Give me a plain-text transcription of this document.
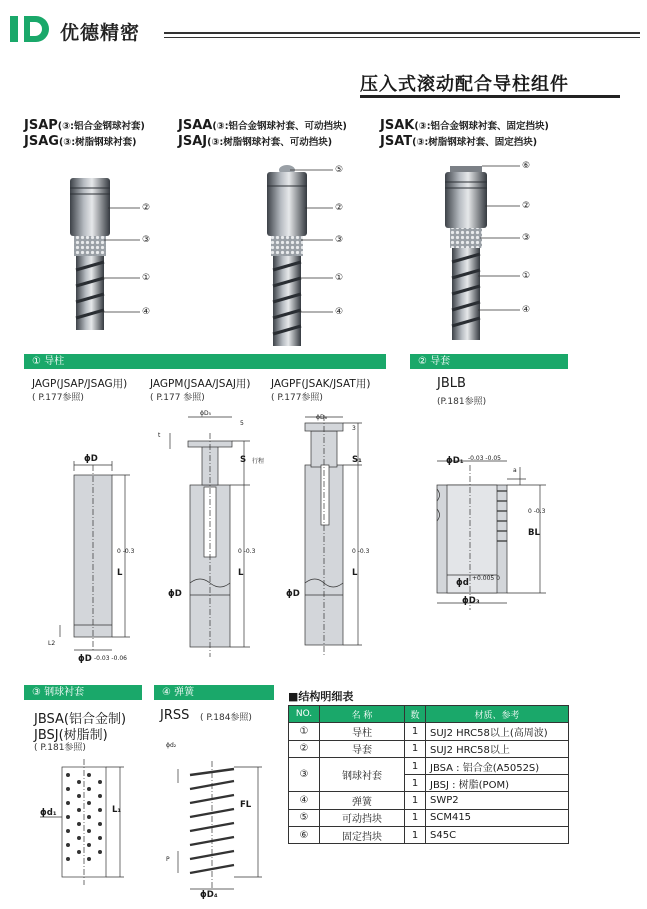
优德精密
压入式滚动配合导柱组件
JSAP(③:铝合金钢球衬套)
JSAG(③:树脂钢球衬套)
JSAA(③:铝合金钢球衬套、可动挡块)
JSAJ(③:树脂钢球衬套、可动挡块)
JSAK(③:铝合金钢球衬套、固定挡块)
JSAT(③:树脂钢球衬套、固定挡块)
②
③
①
④
⑤
②
③
①
④
⑥
②
③
①
④
① 导柱
JAGP(JSAP/JSAG用)
( P.177参照)
JAGPM(JSAA/JSAJ用)
( P.177 参照)
JAGPF(JSAK/JSAT用)
( P.177参照)
② 导套
JBLB
(P.181参照)
ϕD
L
0 -0.3
L2
ϕD -0.03 -0.06
ϕD₅
t
5
S 行程
L
0 -0.3
ϕD
ϕD₆
3
S₁
L
0 -0.3
ϕD
ϕD₁ -0.03 -0.05
a
BL
0 -0.3
ϕd +0.005 0
ϕD₃
③ 钢球衬套	④ 弹簧
JBSA(铝合金制)
JBSJ(树脂制)
( P.181参照)
JRSS ( P.184参照)
ϕd₁	L₁
ϕd₂
FL
P
ϕD₄
■结构明细表
NO.	名 称	数	材质、参考
①	导柱	1	SUJ2 HRC58以上(高周波)
②	导套	1	SUJ2 HRC58以上
③	钢球衬套	1	JBSA : 铝合金(A5052S)
		1	JBSJ : 树脂(POM)
④	弹簧	1	SWP2
⑤	可动挡块	1	SCM415
⑥	固定挡块	1	S45C
